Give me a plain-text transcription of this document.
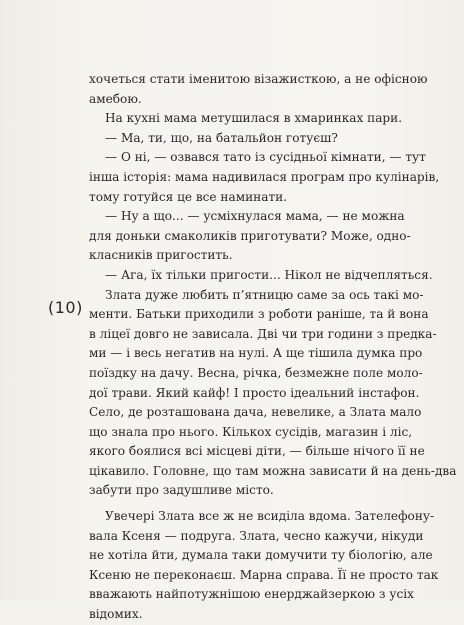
(10)
хочеться стати іменитою візажисткою, а не офісною
амебою.
На кухні мама метушилася в хмаринках пари.
— Ма, ти, що, на батальйон готуєш?
— О ні, — озвався тато із сусідньої кімнати, — тут
інша історія: мама надивилася програм про кулінарів,
тому готуйся це все наминати.
— Ну а що... — усміхнулася мама, — не можна
для доньки смаколиків приготувати? Може, одно-
класників пригостить.
— Ага, їх тільки пригости... Нікол не відчепляться.
Злата дуже любить п’ятницю саме за ось такі мо-
менти. Батьки приходили з роботи раніше, та й вона
в ліцеї довго не зависала. Дві чи три години з предка-
ми — і весь негатив на нулі. А ще тішила думка про
поїздку на дачу. Весна, річка, безмежне поле моло-
дої трави. Який кайф! І просто ідеальний інстафон.
Село, де розташована дача, невелике, а Злата мало
що знала про нього. Кількох сусідів, магазин і ліс,
якого боялися всі місцеві діти, — більше нічого її не
цікавило. Головне, що там можна зависати й на день-два
забути про задушливе місто.
Увечері Злата все ж не всиділа вдома. Зателефону-
вала Ксеня — подруга. Злата, чесно кажучи, нікуди
не хотіла йти, думала таки домучити ту біологію, але
Ксеню не переконаєш. Марна справа. Її не просто так
вважають найпотужнішою енерджайзеркою з усіх
відомих.
